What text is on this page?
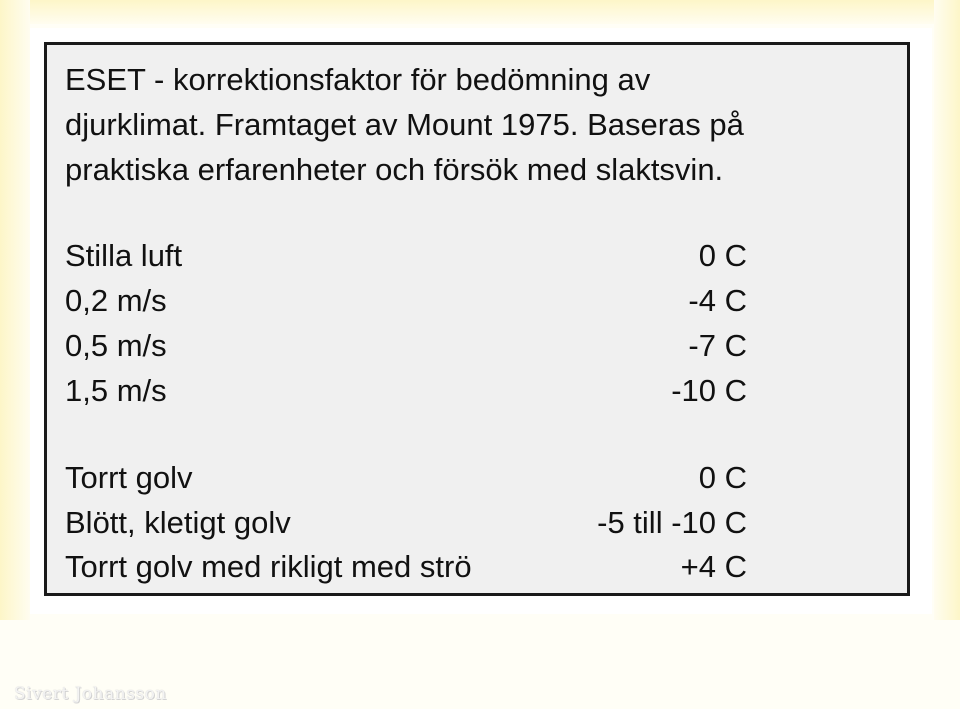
ESET - korrektionsfaktor för bedömning av
djurklimat. Framtaget av Mount 1975. Baseras på
praktiska erfarenheter och försök med slaktsvin.

Stilla luft	0 C
0,2 m/s	-4 C
0,5 m/s	-7 C
1,5 m/s	-10 C
Torrt golv	0 C
Blött, kletigt golv	-5 till -10 C
Torrt golv med rikligt med strö	+4 C
Sivert Johansson
